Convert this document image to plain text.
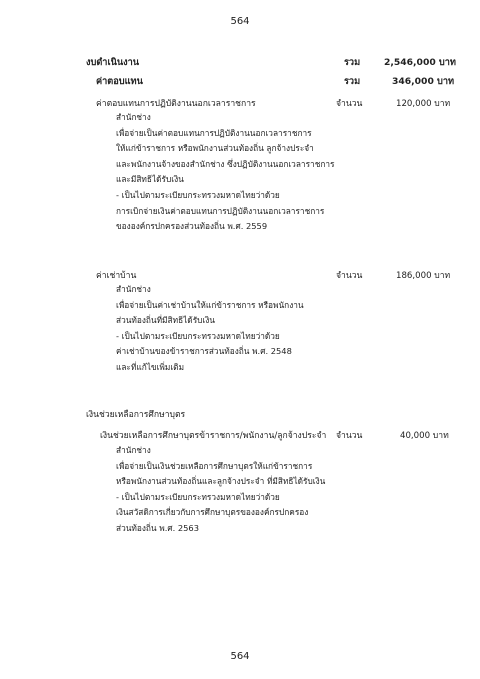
564
564
งบดำเนินงาน	รวม	2,546,000 บาท
ค่าตอบแทน	รวม	346,000 บาท
ค่าตอบแทนการปฏิบัติงานนอกเวลาราชการ	จำนวน	120,000 บาท
สำนักช่าง
เพื่อจ่ายเป็นค่าตอบแทนการปฏิบัติงานนอกเวลาราชการ
ให้แก่ข้าราชการ หรือพนักงานส่วนท้องถิ่น ลูกจ้างประจำ
และพนักงานจ้างของสำนักช่าง ซึ่งปฏิบัติงานนอกเวลาราชการ
และมีสิทธิได้รับเงิน
- เป็นไปตามระเบียบกระทรวงมหาดไทยว่าด้วย
การเบิกจ่ายเงินค่าตอบแทนการปฏิบัติงานนอกเวลาราชการ
ขององค์กรปกครองส่วนท้องถิ่น พ.ศ. 2559
ค่าเช่าบ้าน	จำนวน	186,000 บาท
สำนักช่าง
เพื่อจ่ายเป็นค่าเช่าบ้านให้แก่ข้าราชการ หรือพนักงาน
ส่วนท้องถิ่นที่มีสิทธิได้รับเงิน
- เป็นไปตามระเบียบกระทรวงมหาดไทยว่าด้วย
ค่าเช่าบ้านของข้าราชการส่วนท้องถิ่น พ.ศ. 2548
และที่แก้ไขเพิ่มเติม
เงินช่วยเหลือการศึกษาบุตร
เงินช่วยเหลือการศึกษาบุตรข้าราชการ/พนักงาน/ลูกจ้างประจำ จำนวน	40,000 บาท
สำนักช่าง
เพื่อจ่ายเป็นเงินช่วยเหลือการศึกษาบุตรให้แก่ข้าราชการ
หรือพนักงานส่วนท้องถิ่นและลูกจ้างประจำ ที่มีสิทธิได้รับเงิน
- เป็นไปตามระเบียบกระทรวงมหาดไทยว่าด้วย
เงินสวัสดิการเกี่ยวกับการศึกษาบุตรขององค์กรปกครอง
ส่วนท้องถิ่น พ.ศ. 2563
